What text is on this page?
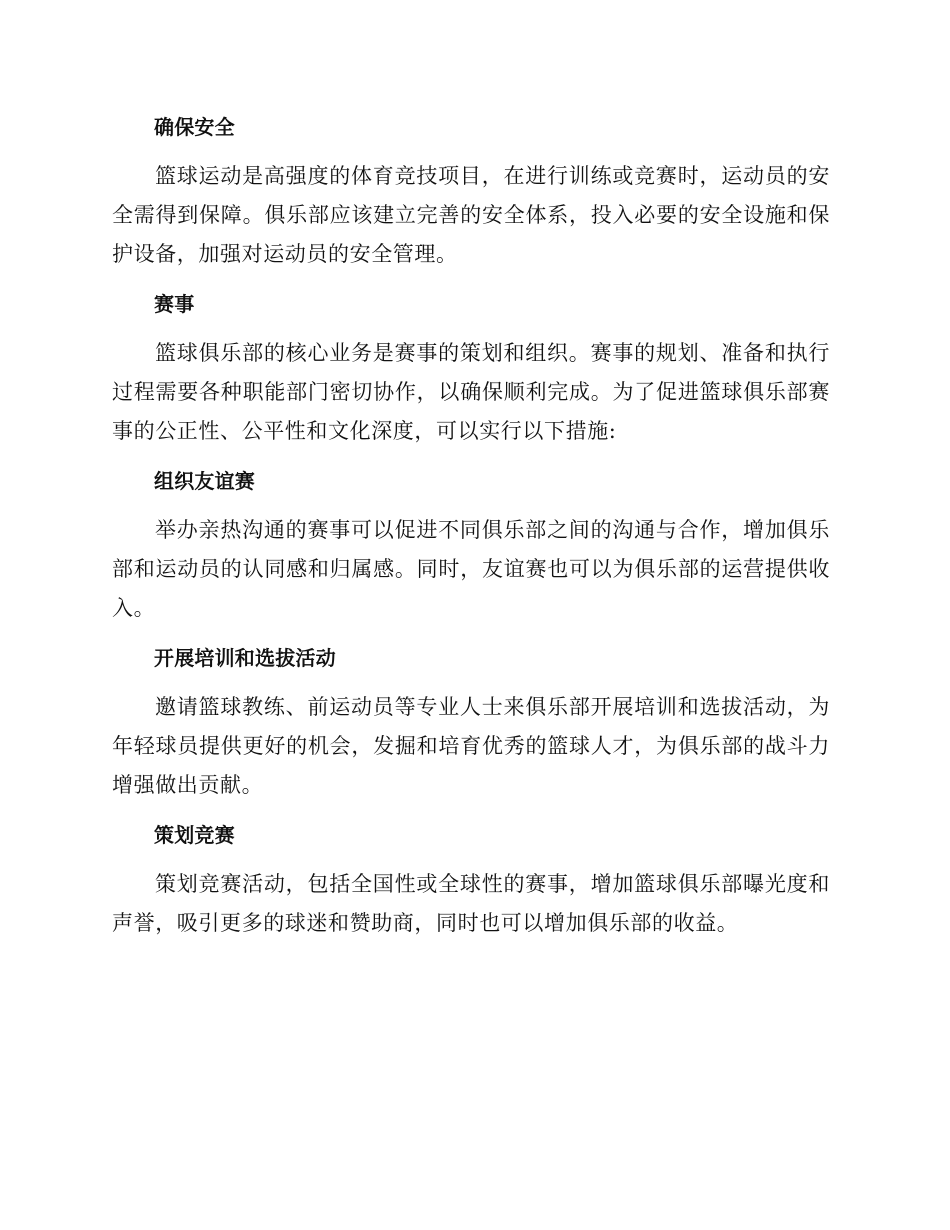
确保安全

篮球运动是高强度的体育竞技项目，在进行训练或竞赛时，运动员的安全需得到保障。俱乐部应该建立完善的安全体系，投入必要的安全设施和保护设备，加强对运动员的安全管理。

赛事

篮球俱乐部的核心业务是赛事的策划和组织。赛事的规划、准备和执行过程需要各种职能部门密切协作，以确保顺利完成。为了促进篮球俱乐部赛事的公正性、公平性和文化深度，可以实行以下措施:

组织友谊赛

举办亲热沟通的赛事可以促进不同俱乐部之间的沟通与合作，增加俱乐部和运动员的认同感和归属感。同时，友谊赛也可以为俱乐部的运营提供收入。

开展培训和选拔活动

邀请篮球教练、前运动员等专业人士来俱乐部开展培训和选拔活动，为年轻球员提供更好的机会，发掘和培育优秀的篮球人才，为俱乐部的战斗力增强做出贡献。

策划竞赛

策划竞赛活动，包括全国性或全球性的赛事，增加篮球俱乐部曝光度和声誉，吸引更多的球迷和赞助商，同时也可以增加俱乐部的收益。
